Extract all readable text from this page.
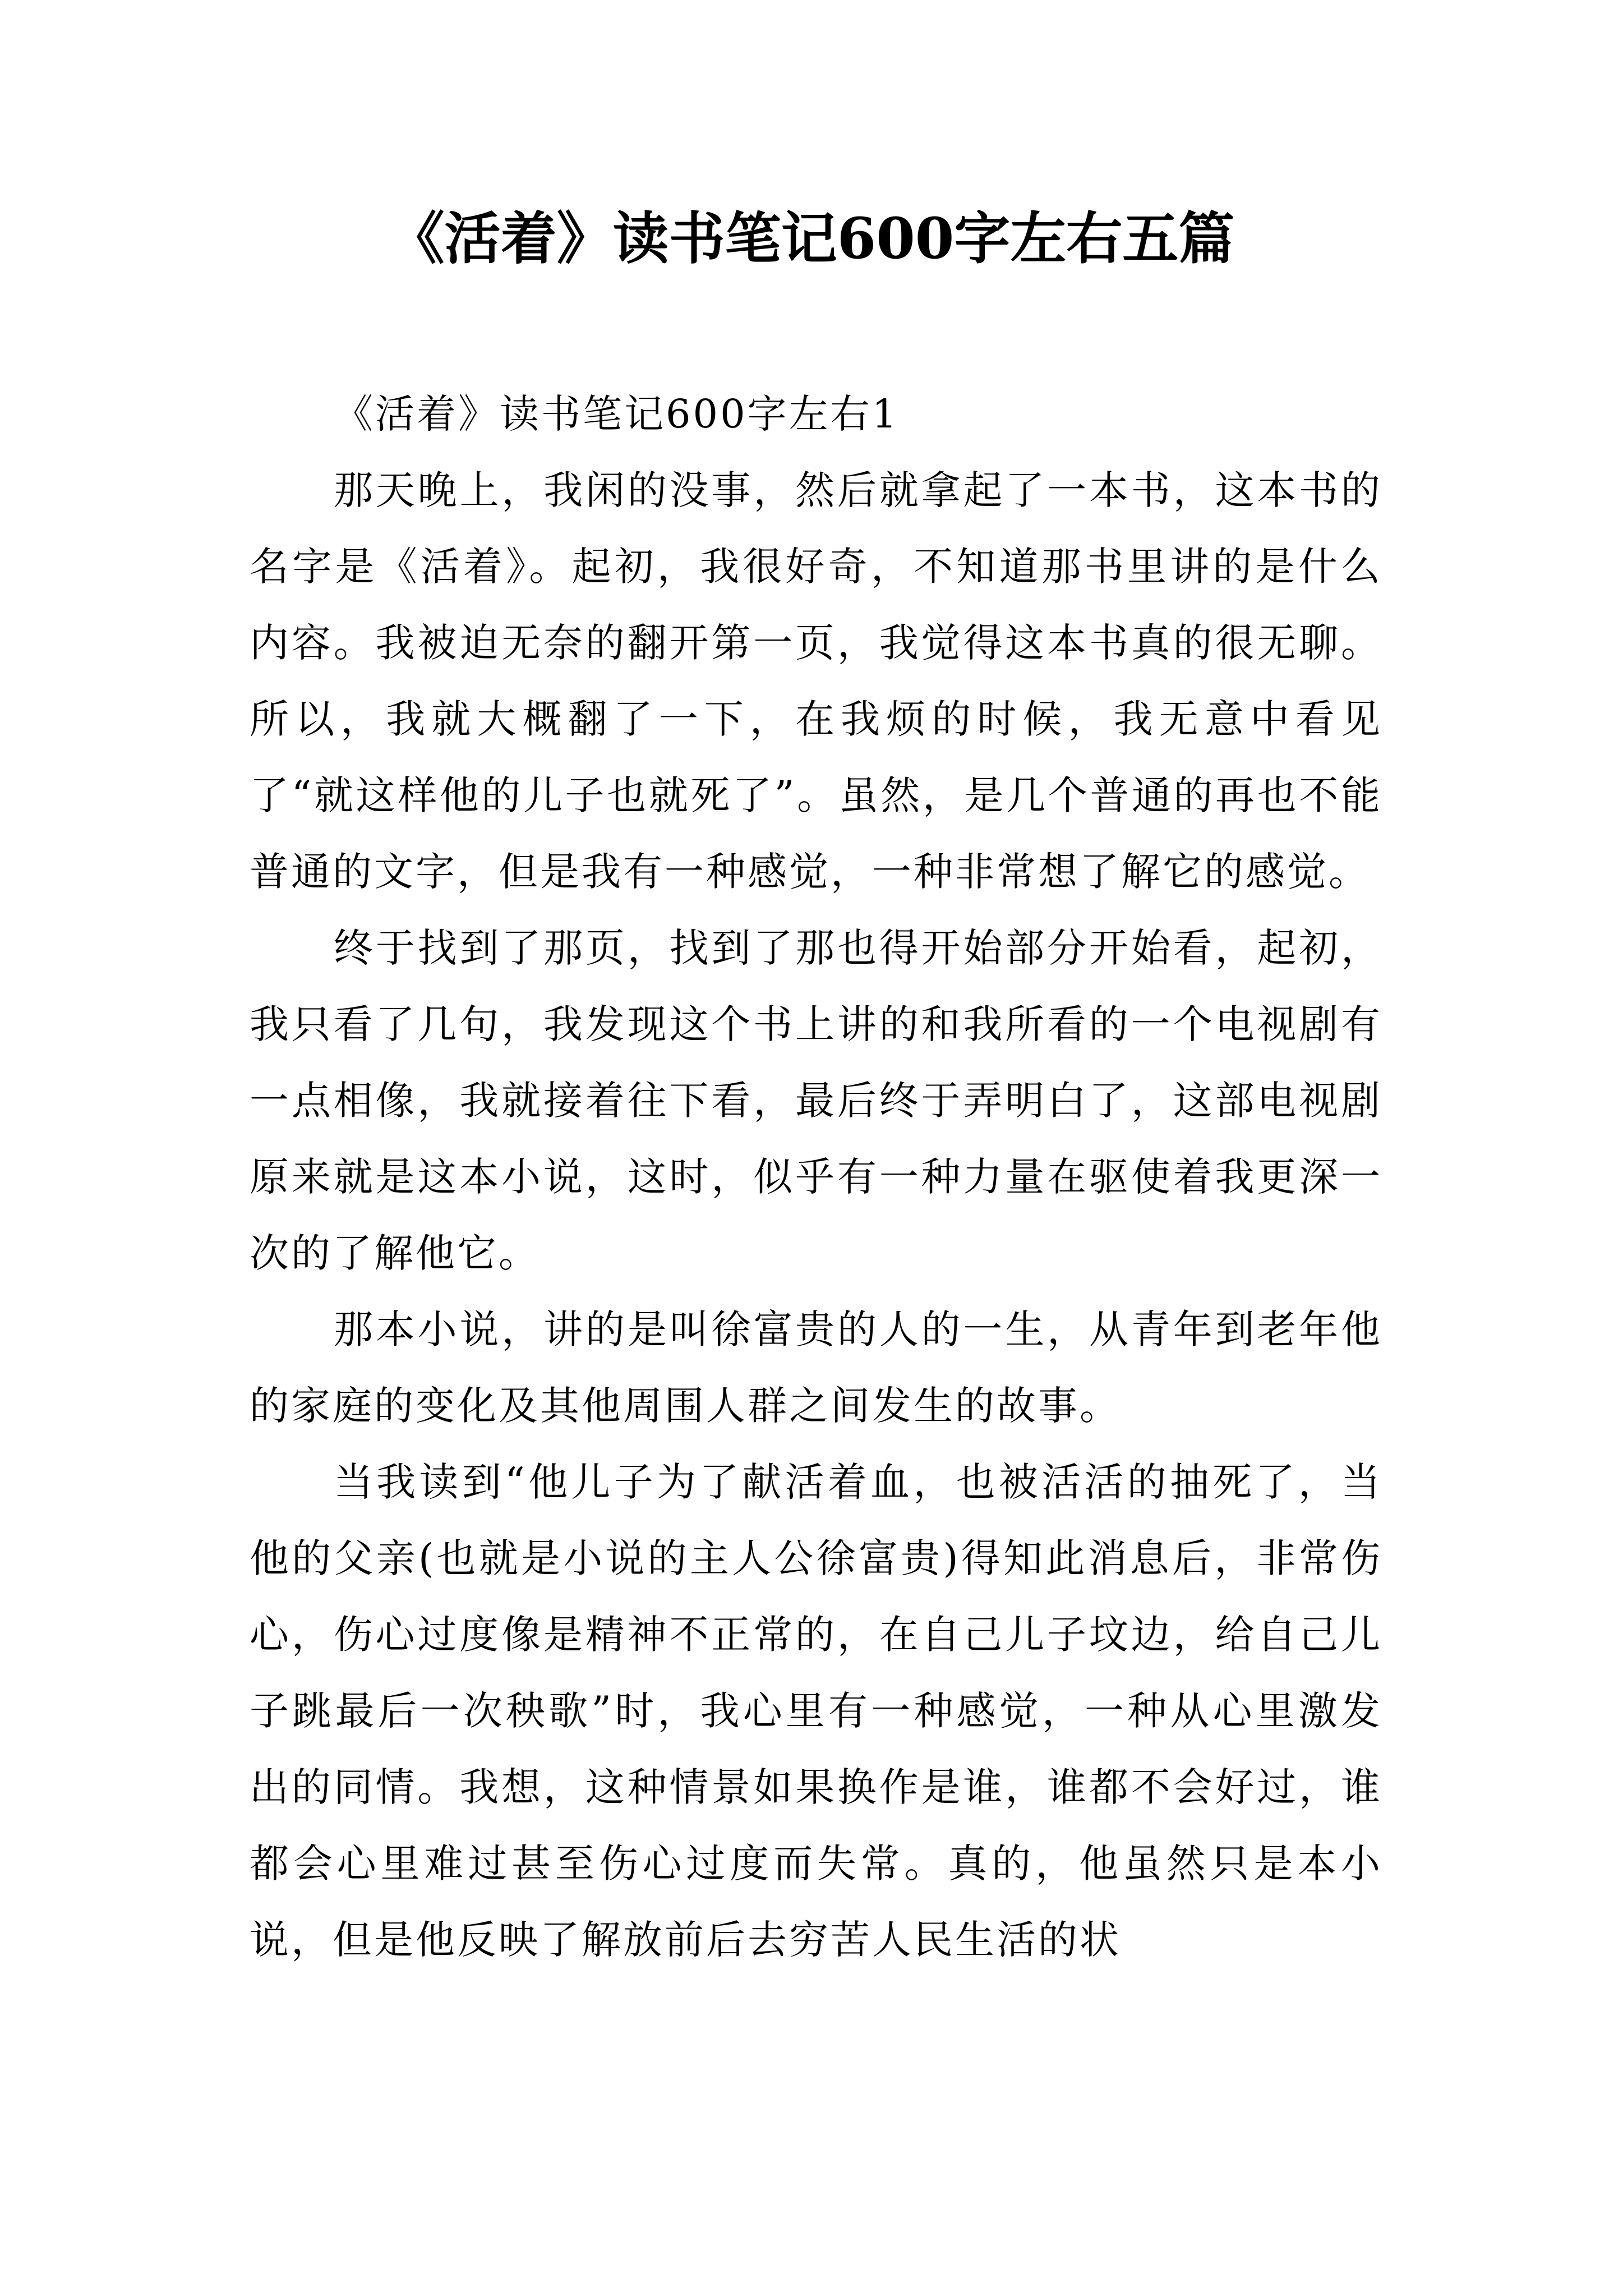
《活着》读书笔记600字左右五篇

《活着》读书笔记600字左右1

那天晚上，我闲的没事，然后就拿起了一本书，这本书的名字是《活着》。起初，我很好奇，不知道那书里讲的是什么内容。我被迫无奈的翻开第一页，我觉得这本书真的很无聊。所以，我就大概翻了一下，在我烦的时候，我无意中看见了“就这样他的儿子也就死了”。虽然，是几个普通的再也不能普通的文字，但是我有一种感觉，一种非常想了解它的感觉。

终于找到了那页，找到了那也得开始部分开始看，起初，我只看了几句，我发现这个书上讲的和我所看的一个电视剧有一点相像，我就接着往下看，最后终于弄明白了，这部电视剧原来就是这本小说，这时，似乎有一种力量在驱使着我更深一次的了解他它。

那本小说，讲的是叫徐富贵的人的一生，从青年到老年他的家庭的变化及其他周围人群之间发生的故事。

当我读到“他儿子为了献活着血，也被活活的抽死了，当他的父亲(也就是小说的主人公徐富贵)得知此消息后，非常伤心，伤心过度像是精神不正常的，在自己儿子坟边，给自己儿子跳最后一次秧歌”时，我心里有一种感觉，一种从心里激发出的同情。我想，这种情景如果换作是谁，谁都不会好过，谁都会心里难过甚至伤心过度而失常。真的，他虽然只是本小说，但是他反映了解放前后去穷苦人民生活的状
